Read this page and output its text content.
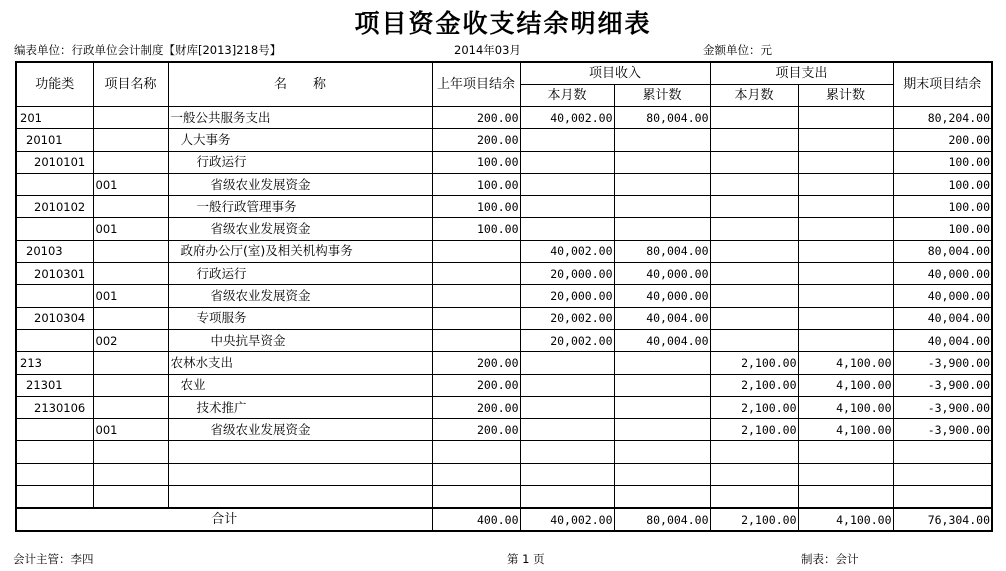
项目资金收支结余明细表
编表单位：行政单位会计制度【财库[2013]218号】	2014年03月	金额单位：元
功能类	项目名称	名　　称	上年项目结余	项目收入		项目支出		期末项目结余
				本月数	累计数	本月数	累计数	
201		一般公共服务支出	200.00	40,002.00	80,004.00			80,204.00
20101		人大事务	200.00					200.00
2010101		行政运行	100.00					100.00
	001	省级农业发展资金	100.00					100.00
2010102		一般行政管理事务	100.00					100.00
	001	省级农业发展资金	100.00					100.00
20103		政府办公厅(室)及相关机构事务		40,002.00	80,004.00			80,004.00
2010301		行政运行		20,000.00	40,000.00			40,000.00
	001	省级农业发展资金		20,000.00	40,000.00			40,000.00
2010304		专项服务		20,002.00	40,004.00			40,004.00
	002	中央抗旱资金		20,002.00	40,004.00			40,004.00
213		农林水支出	200.00			2,100.00	4,100.00	-3,900.00
21301		农业	200.00			2,100.00	4,100.00	-3,900.00
2130106		技术推广	200.00			2,100.00	4,100.00	-3,900.00
	001	省级农业发展资金	200.00			2,100.00	4,100.00	-3,900.00

合计			400.00	40,002.00	80,004.00	2,100.00	4,100.00	76,304.00
会计主管：李四	第 1 页	制表：会计
